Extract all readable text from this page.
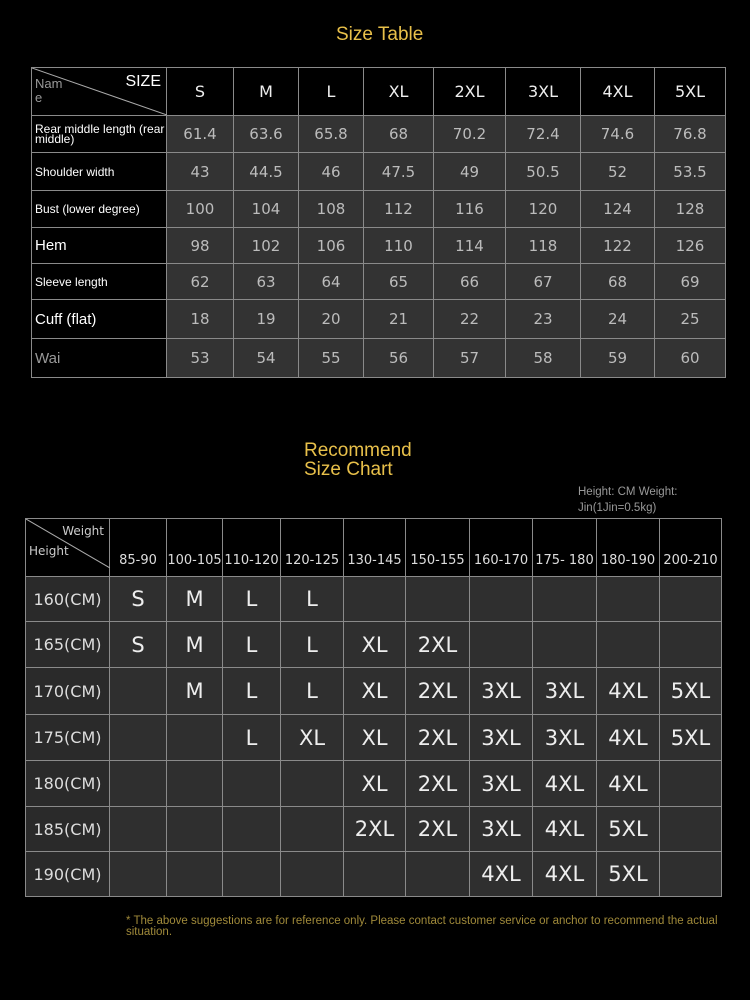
Size Table
SIZE
Nam e	S	M	L	XL	2XL	3XL	4XL	5XL
Rear middle length (rear middle)	61.4	63.6	65.8	68	70.2	72.4	74.6	76.8
Shoulder width	43	44.5	46	47.5	49	50.5	52	53.5
Bust (lower degree)	100	104	108	112	116	120	124	128
Hem	98	102	106	110	114	118	122	126
Sleeve length	62	63	64	65	66	67	68	69
Cuff (flat)	18	19	20	21	22	23	24	25
Wai	53	54	55	56	57	58	59	60
Recommend
Size Chart
Height: CM Weight: Jin(1Jin=0.5kg)
Weight
Height	85-90	100-105	110-120	120-125	130-145	150-155	160-170	175- 180	180-190	200-210
160(CM)	S	M	L	L						
165(CM)	S	M	L	L	XL	2XL				
170(CM)		M	L	L	XL	2XL	3XL	3XL	4XL	5XL
175(CM)			L	XL	XL	2XL	3XL	3XL	4XL	5XL
180(CM)					XL	2XL	3XL	4XL	4XL	
185(CM)					2XL	2XL	3XL	4XL	5XL	
190(CM)							4XL	4XL	5XL	
* The above suggestions are for reference only. Please contact customer service or anchor to recommend the actual situation.
